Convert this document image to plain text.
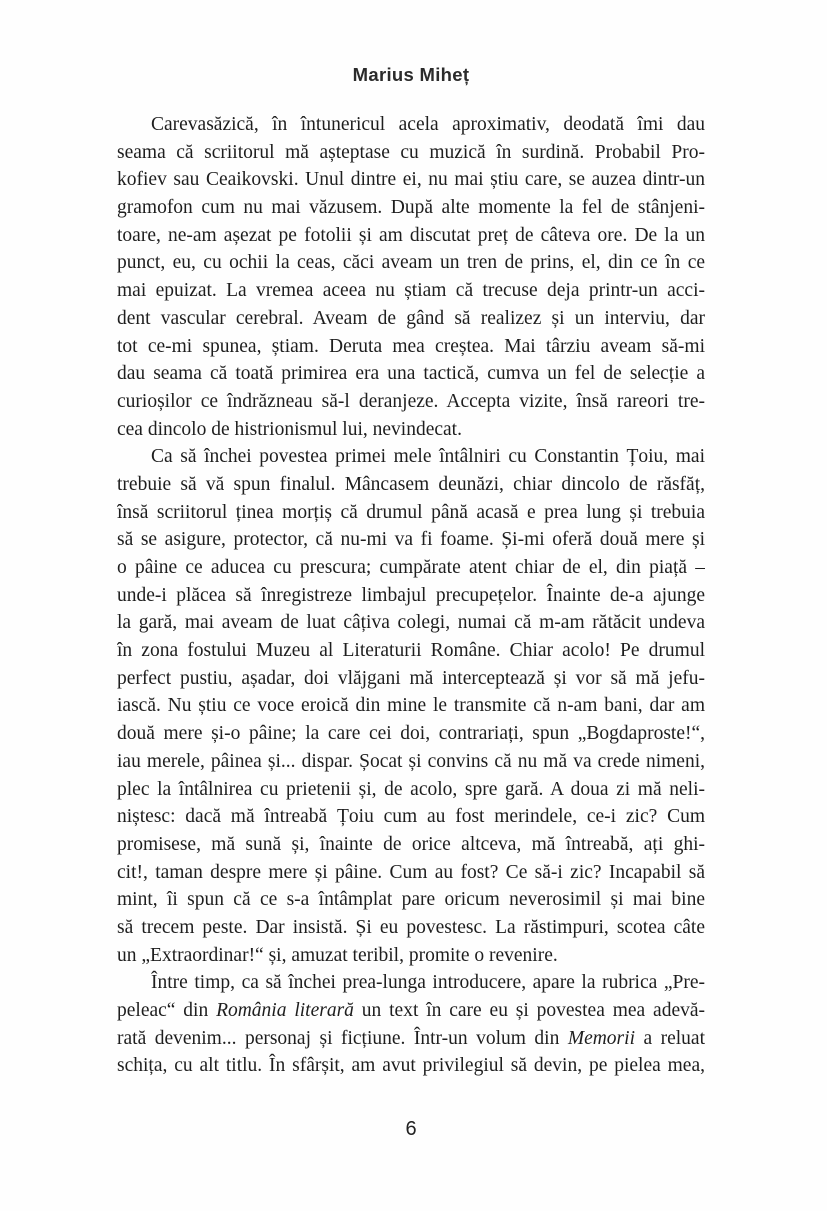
Marius Miheț
Carevasăzică, în întunericul acela aproximativ, deodată îmi dau
seama că scriitorul mă așteptase cu muzică în surdină. Probabil Pro-
kofiev sau Ceaikovski. Unul dintre ei, nu mai știu care, se auzea dintr-un
gramofon cum nu mai văzusem. După alte momente la fel de stânjeni-
toare, ne-am așezat pe fotolii și am discutat preț de câteva ore. De la un
punct, eu, cu ochii la ceas, căci aveam un tren de prins, el, din ce în ce
mai epuizat. La vremea aceea nu știam că trecuse deja printr-un acci-
dent vascular cerebral. Aveam de gând să realizez și un interviu, dar
tot ce-mi spunea, știam. Deruta mea creștea. Mai târziu aveam să-mi
dau seama că toată primirea era una tactică, cumva un fel de selecție a
curioșilor ce îndrăzneau să-l deranjeze. Accepta vizite, însă rareori tre-
cea dincolo de histrionismul lui, nevindecat.
Ca să închei povestea primei mele întâlniri cu Constantin Țoiu, mai
trebuie să vă spun finalul. Mâncasem deunăzi, chiar dincolo de răsfăț,
însă scriitorul ținea morțiș că drumul până acasă e prea lung și trebuia
să se asigure, protector, că nu-mi va fi foame. Și-mi oferă două mere și
o pâine ce aducea cu prescura; cumpărate atent chiar de el, din piață –
unde-i plăcea să înregistreze limbajul precupețelor. Înainte de-a ajunge
la gară, mai aveam de luat câțiva colegi, numai că m-am rătăcit undeva
în zona fostului Muzeu al Literaturii Române. Chiar acolo! Pe drumul
perfect pustiu, așadar, doi vlăjgani mă interceptează și vor să mă jefu-
iască. Nu știu ce voce eroică din mine le transmite că n-am bani, dar am
două mere și-o pâine; la care cei doi, contrariați, spun „Bogdaproste!“,
iau merele, pâinea și... dispar. Șocat și convins că nu mă va crede nimeni,
plec la întâlnirea cu prietenii și, de acolo, spre gară. A doua zi mă neli-
niștesc: dacă mă întreabă Țoiu cum au fost merindele, ce-i zic? Cum
promisese, mă sună și, înainte de orice altceva, mă întreabă, ați ghi-
cit!, taman despre mere și pâine. Cum au fost? Ce să-i zic? Incapabil să
mint, îi spun că ce s-a întâmplat pare oricum neverosimil și mai bine
să trecem peste. Dar insistă. Și eu povestesc. La răstimpuri, scotea câte
un „Extraordinar!“ și, amuzat teribil, promite o revenire.
Între timp, ca să închei prea-lunga introducere, apare la rubrica „Pre-
peleac“ din România literară un text în care eu și povestea mea adevă-
rată devenim... personaj și ficțiune. Într-un volum din Memorii a reluat
schița, cu alt titlu. În sfârșit, am avut privilegiul să devin, pe pielea mea,
6
